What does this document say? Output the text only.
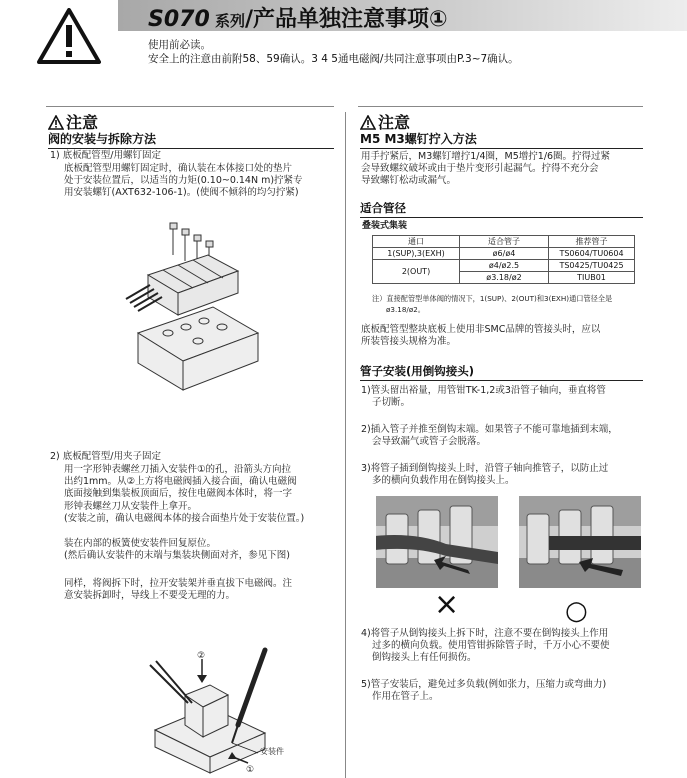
S070 系列/产品单独注意事项①
使用前必读。
安全上的注意由前附58、59确认。3 4 5通电磁阀/共同注意事项由P.3~7确认。
注意
阀的安装与拆除方法
1) 底板配管型/用螺钉固定
底板配管型用螺钉固定时，确认装在本体接口处的垫片
处于安装位置后，以适当的力矩(0.10~0.14N m)拧紧专
用安装螺钉(AXT632-106-1)。(使阀不倾斜的均匀拧紧)
2) 底板配管型/用夹子固定
用一字形钟表螺丝刀插入安装件①的孔，沿箭头方向拉
出约1mm。从②上方将电磁阀插入接合面，确认电磁阀
底面接触到集装板顶面后，按住电磁阀本体时，将一字
形钟表螺丝刀从安装件上拿开。
(安装之前，确认电磁阀本体的接合面垫片处于安装位置。)
装在内部的板簧使安装件回复原位。
(然后确认安装件的末端与集装块侧面对齐，参见下图)
同样，将阀拆下时，拉开安装架并垂直拔下电磁阀。注
意安装拆卸时，导线上不要受无理的力。
②
安装件
①
注意
M5 M3螺钉拧入方法
用手拧紧后，M3螺钉增拧1/4圈，M5增拧1/6圈。拧得过紧
会导致螺纹破坏或由于垫片变形引起漏气。拧得不充分会
导致螺钉松动或漏气。
适合管径
叠装式集装
通口	适合管子	推荐管子
1(SUP),3(EXH)	ø6/ø4	TS0604/TU0604
2(OUT)	ø4/ø2.5	TS0425/TU0425
	ø3.18/ø2	TIUB01
注）直接配管型单体阀的情况下，1(SUP)、2(OUT)和3(EXH)通口管径全是
ø3.18/ø2。
底板配管型整块底板上使用非SMC品牌的管接头时，应以
所装管接头规格为准。
管子安装(用倒钩接头)
1)管头留出裕量，用管钳TK-1,2或3沿管子轴向，垂直将管
子切断。
2)插入管子并推至倒钩末端。如果管子不能可靠地插到末端，
会导致漏气或管子会脱落。
3)将管子插到倒钩接头上时，沿管子轴向推管子，以防止过
多的横向负载作用在倒钩接头上。
×	○
4)将管子从倒钩接头上拆下时，注意不要在倒钩接头上作用
过多的横向负载。使用管钳拆除管子时，千万小心不要使
倒钩接头上有任何损伤。
5)管子安装后，避免过多负载(例如张力，压缩力或弯曲力)
作用在管子上。
